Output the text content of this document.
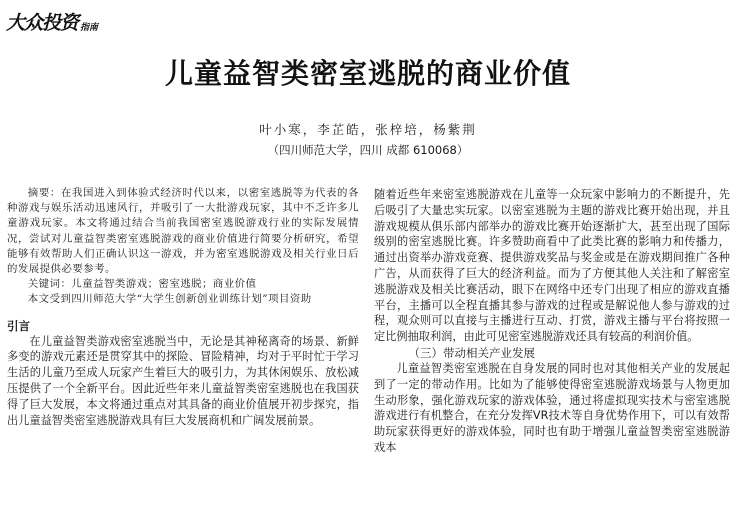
大众投资 指南
儿童益智类密室逃脱的商业价值
叶小寒，李芷皓，张梓培，杨紫荆
（四川师范大学，四川 成都 610068）

摘要：在我国进入到体验式经济时代以来，以密室逃脱等为代表的各种游戏与娱乐活动迅速风行，并吸引了一大批游戏玩家，其中不乏许多儿童游戏玩家。本文将通过结合当前我国密室逃脱游戏行业的实际发展情况，尝试对儿童益智类密室逃脱游戏的商业价值进行简要分析研究，希望能够有效帮助人们正确认识这一游戏，并为密室逃脱游戏及相关行业日后的发展提供必要参考。

关键词：儿童益智类游戏；密室逃脱；商业价值

本文受到四川师范大学“大学生创新创业训练计划”项目资助

引言

在儿童益智类游戏密室逃脱当中，无论是其神秘离奇的场景、新鲜多变的游戏元素还是贯穿其中的探险、冒险精神，均对于平时忙于学习生活的儿童乃至成人玩家产生着巨大的吸引力，为其休闲娱乐、放松减压提供了一个全新平台。因此近些年来儿童益智类密室逃脱也在我国获得了巨大发展，本文将通过重点对其具备的商业价值展开初步探究，指出儿童益智类密室逃脱游戏具有巨大发展商机和广阔发展前景。

随着近些年来密室逃脱游戏在儿童等一众玩家中影响力的不断提升，先后吸引了大量忠实玩家。以密室逃脱为主题的游戏比赛开始出现，并且游戏规模从俱乐部内部举办的游戏比赛开始逐渐扩大，甚至出现了国际级别的密室逃脱比赛。许多赞助商看中了此类比赛的影响力和传播力，通过出资举办游戏竞赛、提供游戏奖品与奖金或是在游戏期间推广各种广告，从而获得了巨大的经济利益。而为了方便其他人关注和了解密室逃脱游戏及相关比赛活动，眼下在网络中还专门出现了相应的游戏直播平台，主播可以全程直播其参与游戏的过程或是解说他人参与游戏的过程，观众则可以直接与主播进行互动、打赏，游戏主播与平台将按照一定比例抽取利润，由此可见密室逃脱游戏还具有较高的利润价值。

（三）带动相关产业发展

儿童益智类密室逃脱在自身发展的同时也对其他相关产业的发展起到了一定的带动作用。比如为了能够使得密室逃脱游戏场景与人物更加生动形象，强化游戏玩家的游戏体验，通过将虚拟现实技术与密室逃脱游戏进行有机整合，在充分发挥VR技术等自身优势作用下，可以有效帮助玩家获得更好的游戏体验，同时也有助于增强儿童益智类密室逃脱游戏本
